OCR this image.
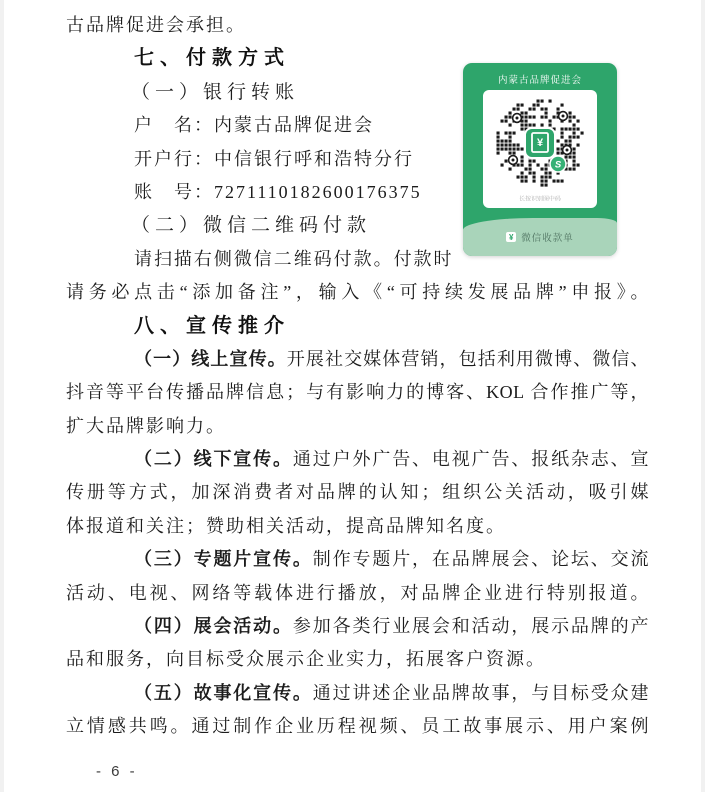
古品牌促进会承担。
七、付款方式
（一）银行转账
户　名：内蒙古品牌促进会
开户行：中信银行呼和浩特分行
账　号：7271110182600176375
（二）微信二维码付款
请扫描右侧微信二维码付款。付款时
请务必点击“添加备注”，输入《“可持续发展品牌”申报》。
八、宣传推介
（一）线上宣传。开展社交媒体营销，包括利用微博、微信、
抖音等平台传播品牌信息；与有影响力的博客、KOL 合作推广等，
扩大品牌影响力。
（二）线下宣传。通过户外广告、电视广告、报纸杂志、宣
传册等方式，加深消费者对品牌的认知；组织公关活动，吸引媒
体报道和关注；赞助相关活动，提高品牌知名度。
（三）专题片宣传。制作专题片，在品牌展会、论坛、交流
活动、电视、网络等载体进行播放，对品牌企业进行特别报道。
（四）展会活动。参加各类行业展会和活动，展示品牌的产
品和服务，向目标受众展示企业实力，拓展客户资源。
（五）故事化宣传。通过讲述企业品牌故事，与目标受众建
立情感共鸣。通过制作企业历程视频、员工故事展示、用户案例
内蒙古品牌促进会
¥
S
长按识别图中码
¥ 微信收款单
- 6 -
